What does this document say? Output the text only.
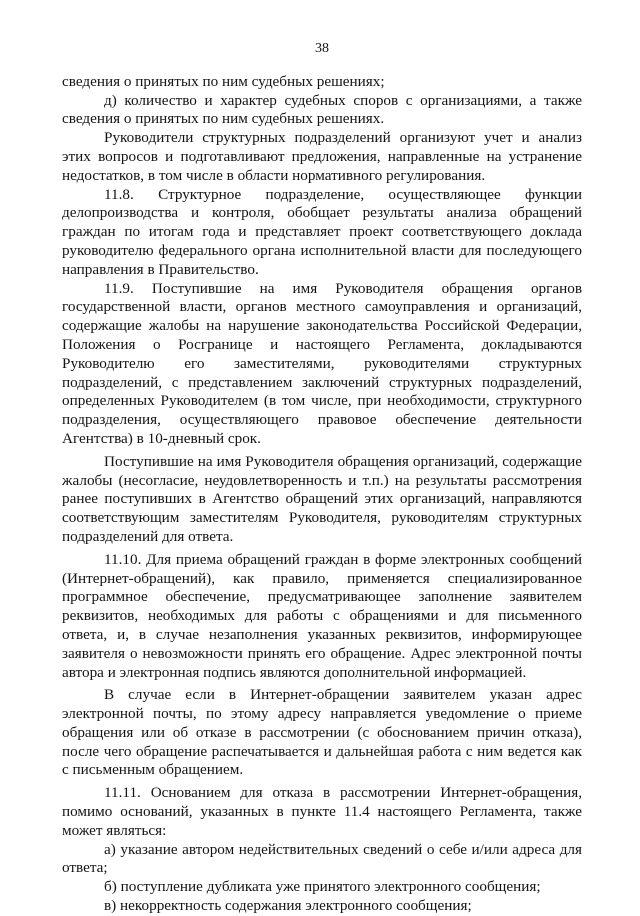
38

сведения о принятых по ним судебных решениях;

д) количество и характер судебных споров с организациями, а также сведения о принятых по ним судебных решениях.

Руководители структурных подразделений организуют учет и анализ этих вопросов и подготавливают предложения, направленные на устранение недостатков, в том числе в области нормативного регулирования.

11.8. Структурное подразделение, осуществляющее функции делопроизводства и контроля, обобщает результаты анализа обращений граждан по итогам года и представляет проект соответствующего доклада руководителю федерального органа исполнительной власти для последующего направления в Правительство.

11.9. Поступившие на имя Руководителя обращения органов государственной власти, органов местного самоуправления и организаций, содержащие жалобы на нарушение законодательства Российской Федерации, Положения о Росгранице и настоящего Регламента, докладываются Руководителю его заместителями, руководителями структурных подразделений, с представлением заключений структурных подразделений, определенных Руководителем (в том числе, при необходимости, структурного подразделения, осуществляющего правовое обеспечение деятельности Агентства) в 10-дневный срок.

Поступившие на имя Руководителя обращения организаций, содержащие жалобы (несогласие, неудовлетворенность и т.п.) на результаты рассмотрения ранее поступивших в Агентство обращений этих организаций, направляются соответствующим заместителям Руководителя, руководителям структурных подразделений для ответа.

11.10. Для приема обращений граждан в форме электронных сообщений (Интернет-обращений), как правило, применяется специализированное программное обеспечение, предусматривающее заполнение заявителем реквизитов, необходимых для работы с обращениями и для письменного ответа, и, в случае незаполнения указанных реквизитов, информирующее заявителя о невозможности принять его обращение. Адрес электронной почты автора и электронная подпись являются дополнительной информацией.

В случае если в Интернет-обращении заявителем указан адрес электронной почты, по этому адресу направляется уведомление о приеме обращения или об отказе в рассмотрении (с обоснованием причин отказа), после чего обращение распечатывается и дальнейшая работа с ним ведется как с письменным обращением.

11.11. Основанием для отказа в рассмотрении Интернет-обращения, помимо оснований, указанных в пункте 11.4 настоящего Регламента, также может являться:

а) указание автором недействительных сведений о себе и/или адреса для ответа;

б) поступление дубликата уже принятого электронного сообщения;

в) некорректность содержания электронного сообщения;
